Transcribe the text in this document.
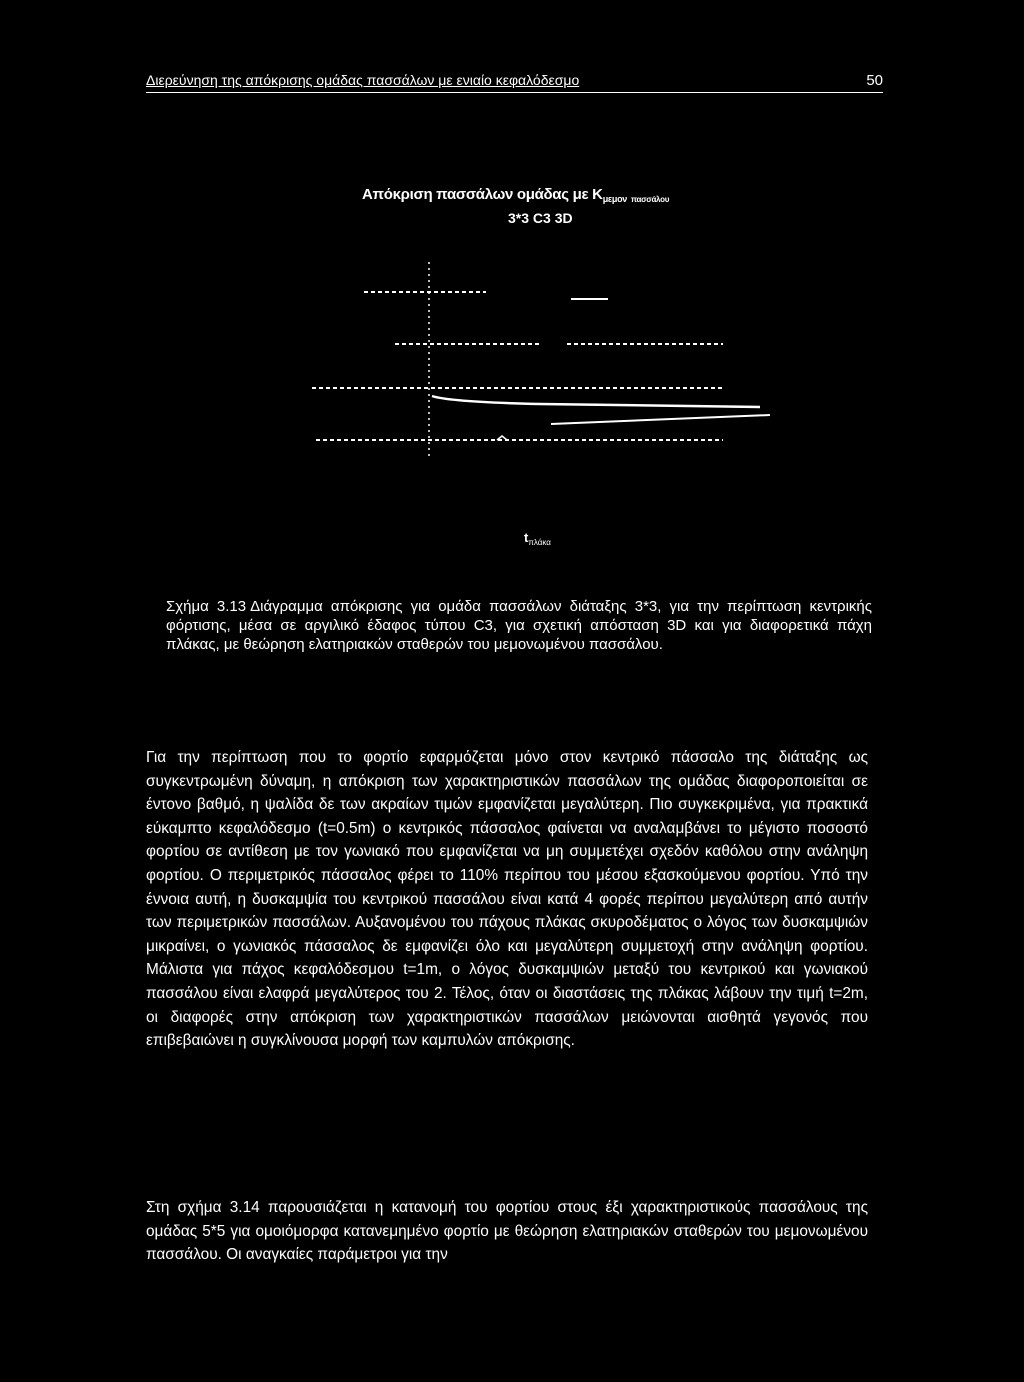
Διερεύνηση της απόκρισης ομάδας πασσάλων με ενιαίο κεφαλόδεσμο	50
Απόκριση πασσάλων ομάδας με $K_{\mu\varepsilon\mu o\nu}$ $_{\pi\alpha\sigma\sigma ά\lambda o\upsilon}$
3*3 C3 3D
$t_{\pi\lambda ά\kappa\alpha}$
Σχήμα 3.13 Διάγραμμα απόκρισης για ομάδα πασσάλων διάταξης 3*3, για την περίπτωση κεντρικής φόρτισης, μέσα σε αργιλικό έδαφος τύπου C3, για σχετική απόσταση 3D και για διαφορετικά πάχη πλάκας, με θεώρηση ελατηριακών σταθερών του μεμονωμένου πασσάλου.
Για την περίπτωση που το φορτίο εφαρμόζεται μόνο στον κεντρικό πάσσαλο της διάταξης ως συγκεντρωμένη δύναμη, η απόκριση των χαρακτηριστικών πασσάλων της ομάδας διαφοροποιείται σε έντονο βαθμό, η ψαλίδα δε των ακραίων τιμών εμφανίζεται μεγαλύτερη. Πιο συγκεκριμένα, για πρακτικά εύκαμπτο κεφαλόδεσμο (t=0.5m) ο κεντρικός πάσσαλος φαίνεται να αναλαμβάνει το μέγιστο ποσοστό φορτίου σε αντίθεση με τον γωνιακό που εμφανίζεται να μη συμμετέχει σχεδόν καθόλου στην ανάληψη φορτίου. Ο περιμετρικός πάσσαλος φέρει το 110% περίπου του μέσου εξασκούμενου φορτίου. Υπό την έννοια αυτή, η δυσκαμψία του κεντρικού πασσάλου είναι κατά 4 φορές περίπου μεγαλύτερη από αυτήν των περιμετρικών πασσάλων. Αυξανομένου του πάχους πλάκας σκυροδέματος ο λόγος των δυσκαμψιών μικραίνει, ο γωνιακός πάσσαλος δε εμφανίζει όλο και μεγαλύτερη συμμετοχή στην ανάληψη φορτίου. Μάλιστα για πάχος κεφαλόδεσμου t=1m, ο λόγος δυσκαμψιών μεταξύ του κεντρικού και γωνιακού πασσάλου είναι ελαφρά μεγαλύτερος του 2. Τέλος, όταν οι διαστάσεις της πλάκας λάβουν την τιμή t=2m, οι διαφορές στην απόκριση των χαρακτηριστικών πασσάλων μειώνονται αισθητά γεγονός που επιβεβαιώνει η συγκλίνουσα μορφή των καμπυλών απόκρισης.
Στη σχήμα 3.14 παρουσιάζεται η κατανομή του φορτίου στους έξι χαρακτηριστικούς πασσάλους της ομάδας 5*5 για ομοιόμορφα κατανεμημένο φορτίο με θεώρηση ελατηριακών σταθερών του μεμονωμένου πασσάλου. Οι αναγκαίες παράμετροι για την
